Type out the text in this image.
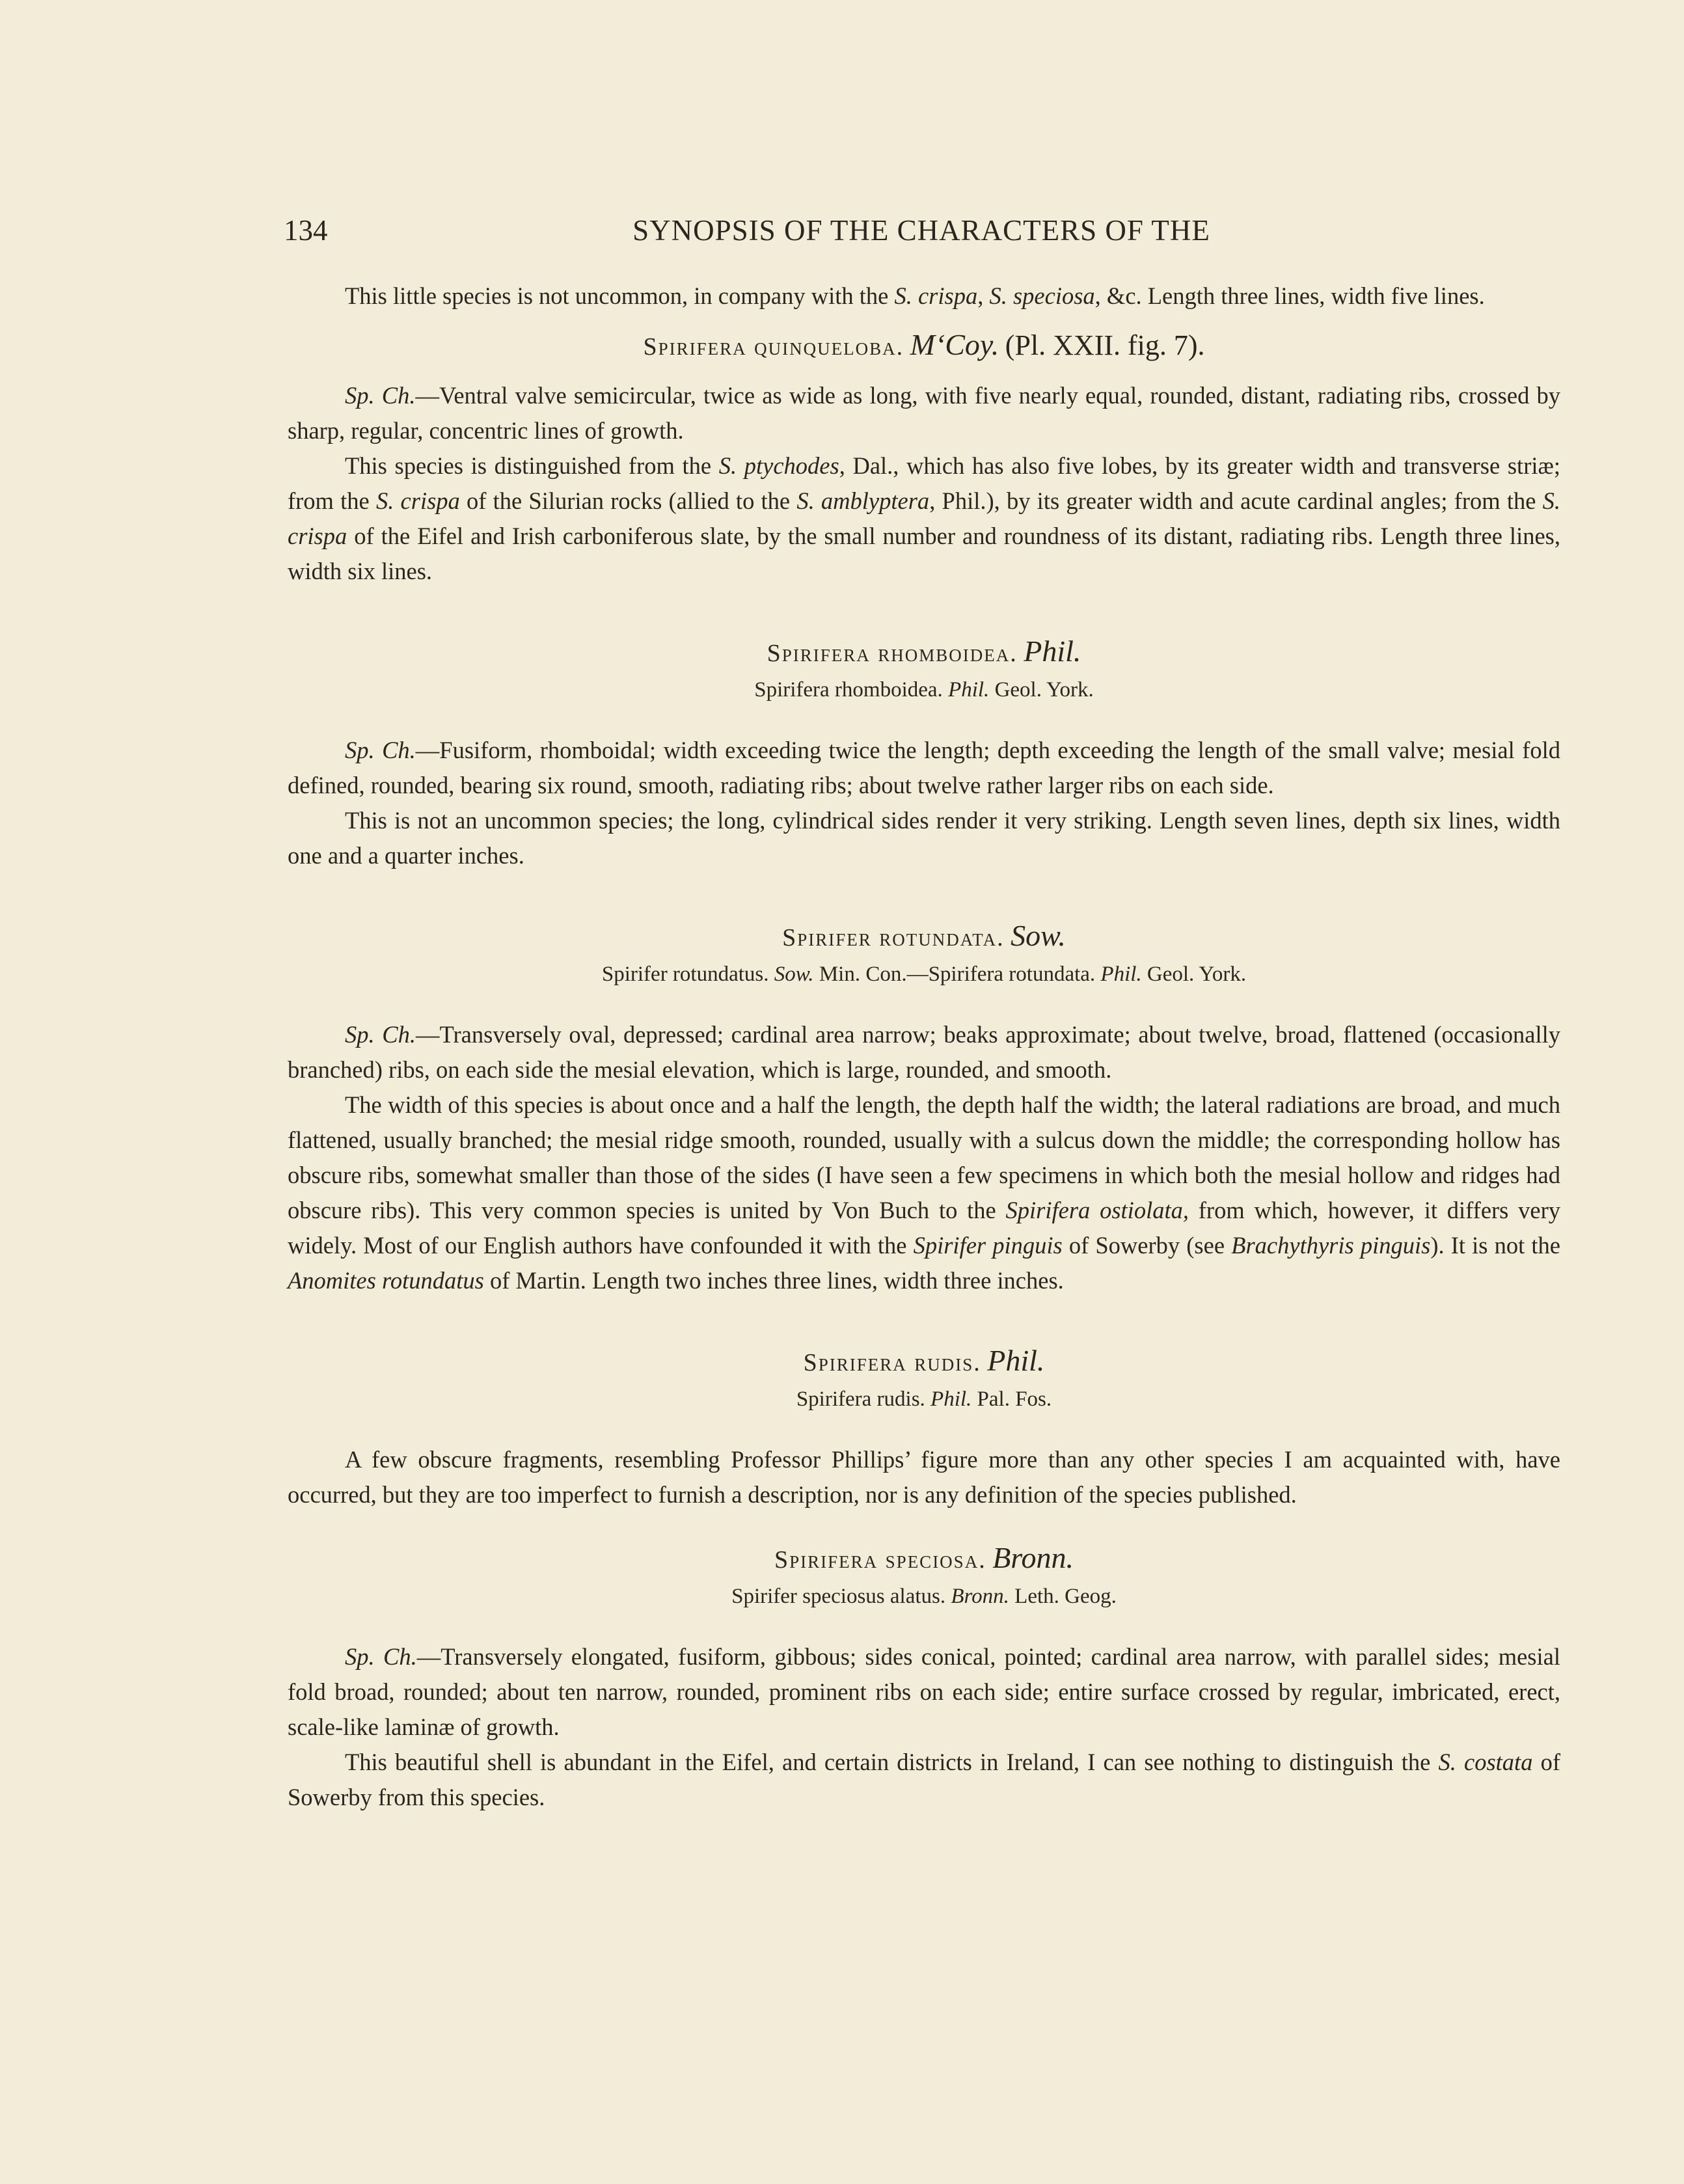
134	SYNOPSIS OF THE CHARACTERS OF THE

This little species is not uncommon, in company with the S. crispa, S. speciosa, &c. Length three lines, width five lines.

Spirifera quinqueloba. M‘Coy. (Pl. XXII. fig. 7).

Sp. Ch.—Ventral valve semicircular, twice as wide as long, with five nearly equal, rounded, distant, radiating ribs, crossed by sharp, regular, concentric lines of growth.

This species is distinguished from the S. ptychodes, Dal., which has also five lobes, by its greater width and transverse striæ; from the S. crispa of the Silurian rocks (allied to the S. amblyptera, Phil.), by its greater width and acute cardinal angles; from the S. crispa of the Eifel and Irish carboniferous slate, by the small number and roundness of its distant, radiating ribs. Length three lines, width six lines.

Spirifera rhomboidea. Phil.
Spirifera rhomboidea. Phil. Geol. York.

Sp. Ch.—Fusiform, rhomboidal; width exceeding twice the length; depth exceeding the length of the small valve; mesial fold defined, rounded, bearing six round, smooth, radiating ribs; about twelve rather larger ribs on each side.

This is not an uncommon species; the long, cylindrical sides render it very striking. Length seven lines, depth six lines, width one and a quarter inches.

Spirifer rotundata. Sow.
Spirifer rotundatus. Sow. Min. Con.—Spirifera rotundata. Phil. Geol. York.

Sp. Ch.—Transversely oval, depressed; cardinal area narrow; beaks approximate; about twelve, broad, flattened (occasionally branched) ribs, on each side the mesial elevation, which is large, rounded, and smooth.

The width of this species is about once and a half the length, the depth half the width; the lateral radiations are broad, and much flattened, usually branched; the mesial ridge smooth, rounded, usually with a sulcus down the middle; the corresponding hollow has obscure ribs, somewhat smaller than those of the sides (I have seen a few specimens in which both the mesial hollow and ridges had obscure ribs). This very common species is united by Von Buch to the Spirifera ostiolata, from which, however, it differs very widely. Most of our English authors have confounded it with the Spirifer pinguis of Sowerby (see Brachythyris pinguis). It is not the Anomites rotundatus of Martin. Length two inches three lines, width three inches.

Spirifera rudis. Phil.
Spirifera rudis. Phil. Pal. Fos.

A few obscure fragments, resembling Professor Phillips’ figure more than any other species I am acquainted with, have occurred, but they are too imperfect to furnish a description, nor is any definition of the species published.

Spirifera speciosa. Bronn.
Spirifer speciosus alatus. Bronn. Leth. Geog.

Sp. Ch.—Transversely elongated, fusiform, gibbous; sides conical, pointed; cardinal area narrow, with parallel sides; mesial fold broad, rounded; about ten narrow, rounded, prominent ribs on each side; entire surface crossed by regular, imbricated, erect, scale-like laminæ of growth.

This beautiful shell is abundant in the Eifel, and certain districts in Ireland, I can see nothing to distinguish the S. costata of Sowerby from this species.
